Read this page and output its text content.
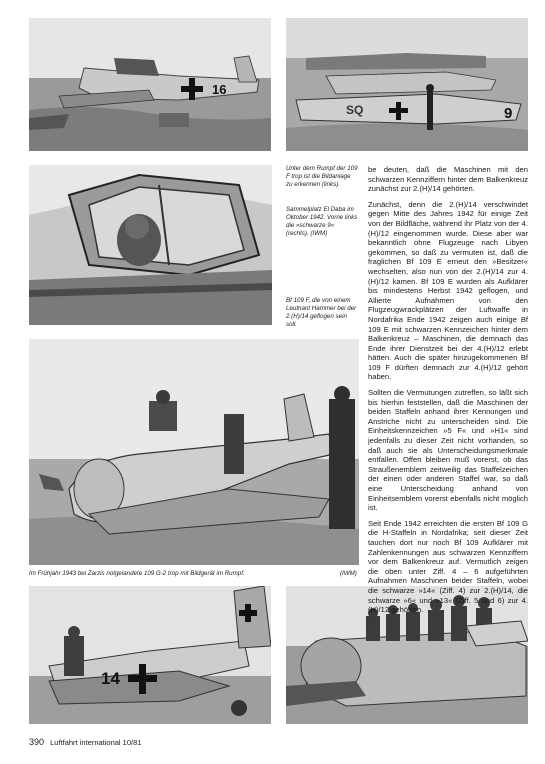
16
SQ	9
14
Unter dem Rumpf der 109 F trop ist die Bildanlage zu erkennen (links).
Sammelplatz El Daba im Oktober 1942. Vorne links die »schwarze 9« (rechts). (IWM)
Bf 109 F, die von einem Leutnant Hammer bei der 2.(H)/14 geflogen sein soll.
Im Frühjahr 1943 bei Zarzis notgelandete 109 G-2 trop mit Bildgerät im Rumpf.	(IWM)

be deuten, daß die Maschinen mit den schwarzen Kennziffern hinter dem Balkenkreuz zunächst zur 2.(H)/14 gehörten.

Zunächst, denn die 2.(H)/14 verschwindet gegen Mitte des Jahres 1942 für einige Zeit von der Bildfläche, während ihr Platz von der 4.(H)/12 eingenommen wurde. Diese aber war bekanntlich ohne Flugzeuge nach Libyen gekommen, so daß zu vermuten ist, daß die fraglichen Bf 109 E erneut den »Besitzer« wechselten, also nun von der 2.(H)/14 zur 4.(H)/12 kamen. Bf 109 E wurden als Aufklärer bis mindestens Herbst 1942 geflogen, und Allierte Aufnahmen von den Flugzeugwrackplätzen der Luftwaffe in Nordafrika Ende 1942 zeigen auch einige Bf 109 E mit schwarzen Kennzeichen hinter dem Balkenkreuz – Maschinen, die demnach das Ende ihrer Dienstzeit bei der 4.(H)/12 erlebt hätten. Auch die später hinzugekommenen Bf 109 F dürften demnach zur 4.(H)/12 gehört haben.

Sollten die Vermutungen zutreffen, so läßt sich bis hierhin feststellen, daß die Maschinen der beiden Staffeln anhand ihrer Kennungen und Anstriche nicht zu unterscheiden sind. Die Einheitskennzeichen »5 F« und »H1« sind jedenfalls zu dieser Zeit nicht vorhanden, so daß auch sie als Unterscheidungsmerkmale entfallen. Offen bleiben muß vorerst, ob das Straußenemblem zeitweilig das Staffelzeichen der einen oder anderen Staffel war, so daß eine Unterscheidung anhand von Einheitsemblem vorerst ebenfalls nicht möglich ist.

Seit Ende 1942 erreichten die ersten Bf 109 G die H-Staffeln in Nordafrika; seit dieser Zeit tauchen dort nur noch Bf 109 Aufklärer mit Zahlenkennungen aus schwarzen Kennziffern vor dem Balkenkreuz auf. Vermutlich zeigen die oben unter Ziff. 4 – 6 aufgeführten Aufnahmen Maschinen beider Staffeln, wobei die schwarze »14« (Ziff. 4) zur 2.(H)/14, die schwarze »6« und »13« (Ziff. 5 und 6) zur 4.(H)/12 gehörten.

390 Luftfahrt international 10/81
